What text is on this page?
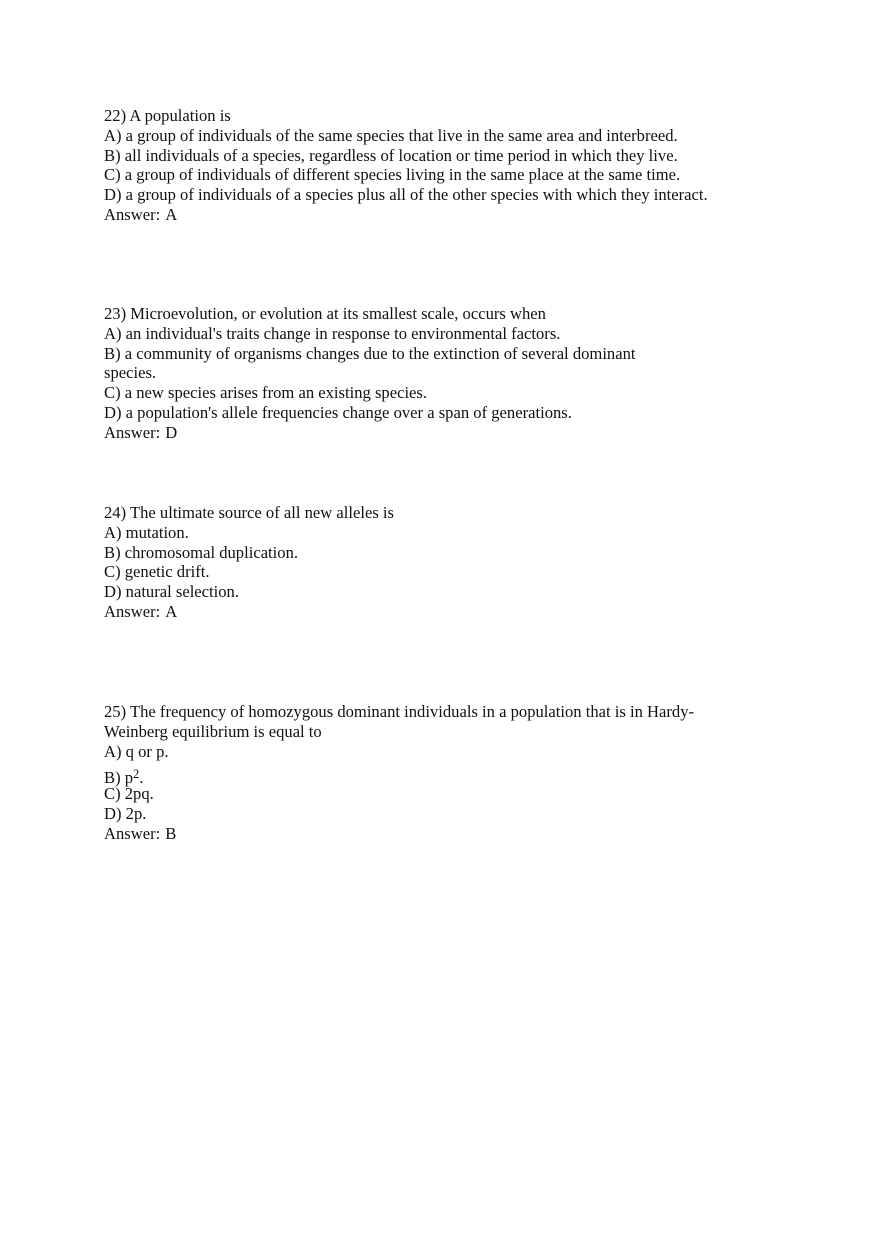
22) A population is
A) a group of individuals of the same species that live in the same area and interbreed.
B) all individuals of a species, regardless of location or time period in which they live.
C) a group of individuals of different species living in the same place at the same time.
D) a group of individuals of a species plus all of the other species with which they interact.
Answer: A
23) Microevolution, or evolution at its smallest scale, occurs when
A) an individual's traits change in response to environmental factors.
B) a community of organisms changes due to the extinction of several dominant species.
C) a new species arises from an existing species.
D) a population's allele frequencies change over a span of generations.
Answer: D
24) The ultimate source of all new alleles is
A) mutation.
B) chromosomal duplication.
C) genetic drift.
D) natural selection.
Answer: A
25) The frequency of homozygous dominant individuals in a population that is in Hardy-
Weinberg equilibrium is equal to
A) q or p.
B) $p^2$.
C) 2pq.
D) 2p.
Answer: B
